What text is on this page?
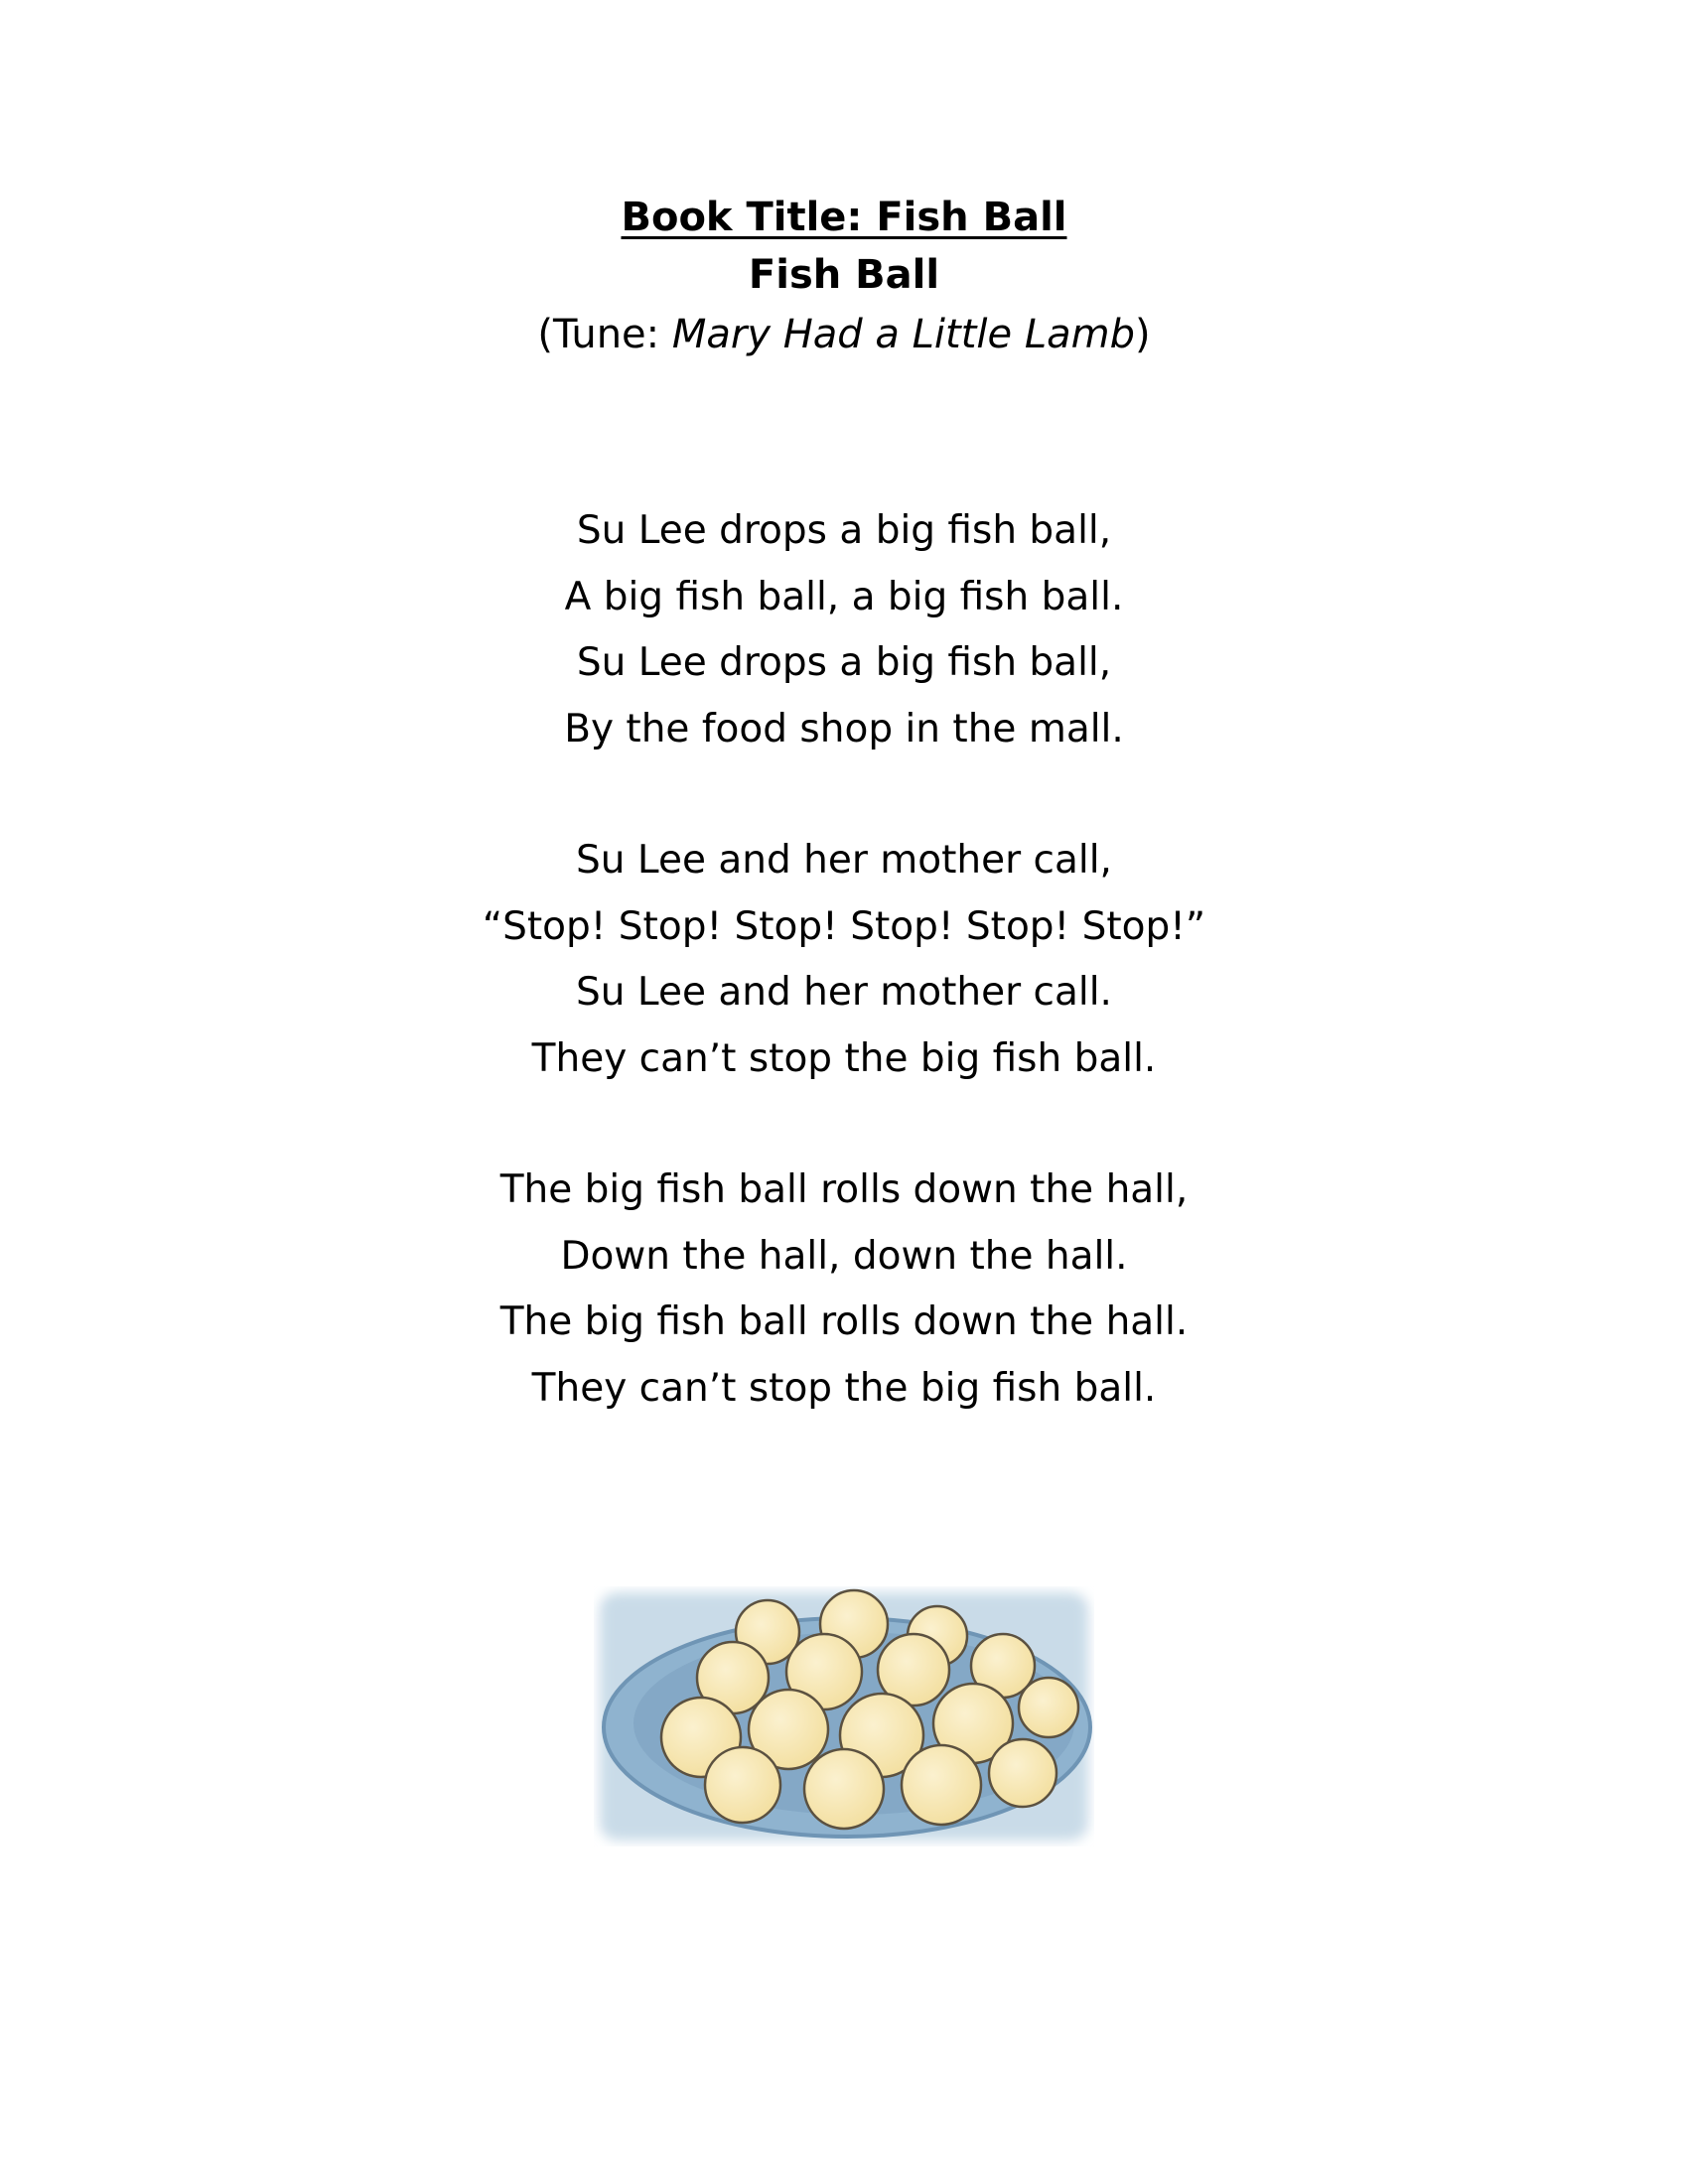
Book Title: Fish Ball
Fish Ball
(Tune: Mary Had a Little Lamb)
Su Lee drops a big fish ball,
A big fish ball, a big fish ball.
Su Lee drops a big fish ball,
By the food shop in the mall.
Su Lee and her mother call,
“Stop! Stop! Stop! Stop! Stop! Stop!”
Su Lee and her mother call.
They can’t stop the big fish ball.
The big fish ball rolls down the hall,
Down the hall, down the hall.
The big fish ball rolls down the hall.
They can’t stop the big fish ball.
